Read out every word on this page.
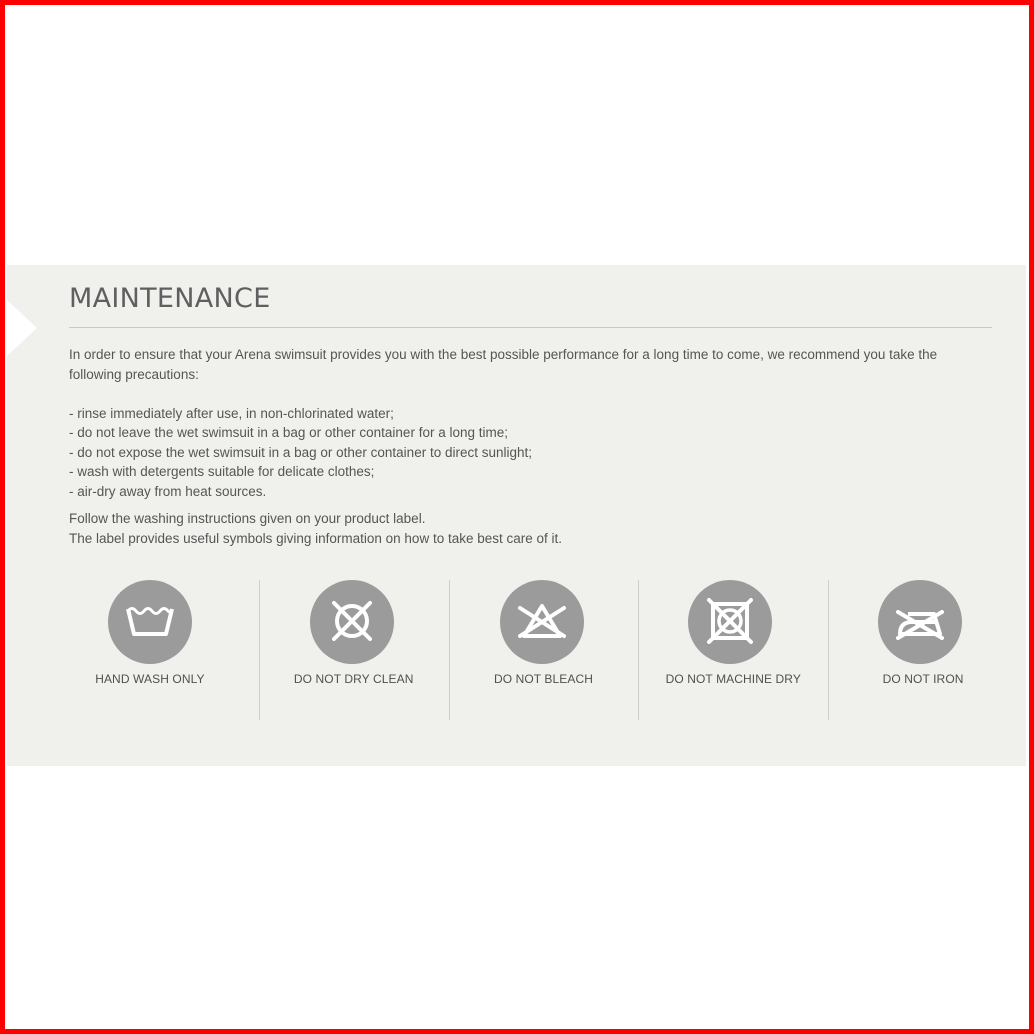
MAINTENANCE

In order to ensure that your Arena swimsuit provides you with the best possible performance for a long time to come, we recommend you take the following precautions:

- rinse immediately after use, in non-chlorinated water;
- do not leave the wet swimsuit in a bag or other container for a long time;
- do not expose the wet swimsuit in a bag or other container to direct sunlight;
- wash with detergents suitable for delicate clothes;
- air-dry away from heat sources.

Follow the washing instructions given on your product label.

The label provides useful symbols giving information on how to take best care of it.

HAND WASH ONLY	DO NOT DRY CLEAN	DO NOT BLEACH	DO NOT MACHINE DRY	DO NOT IRON
